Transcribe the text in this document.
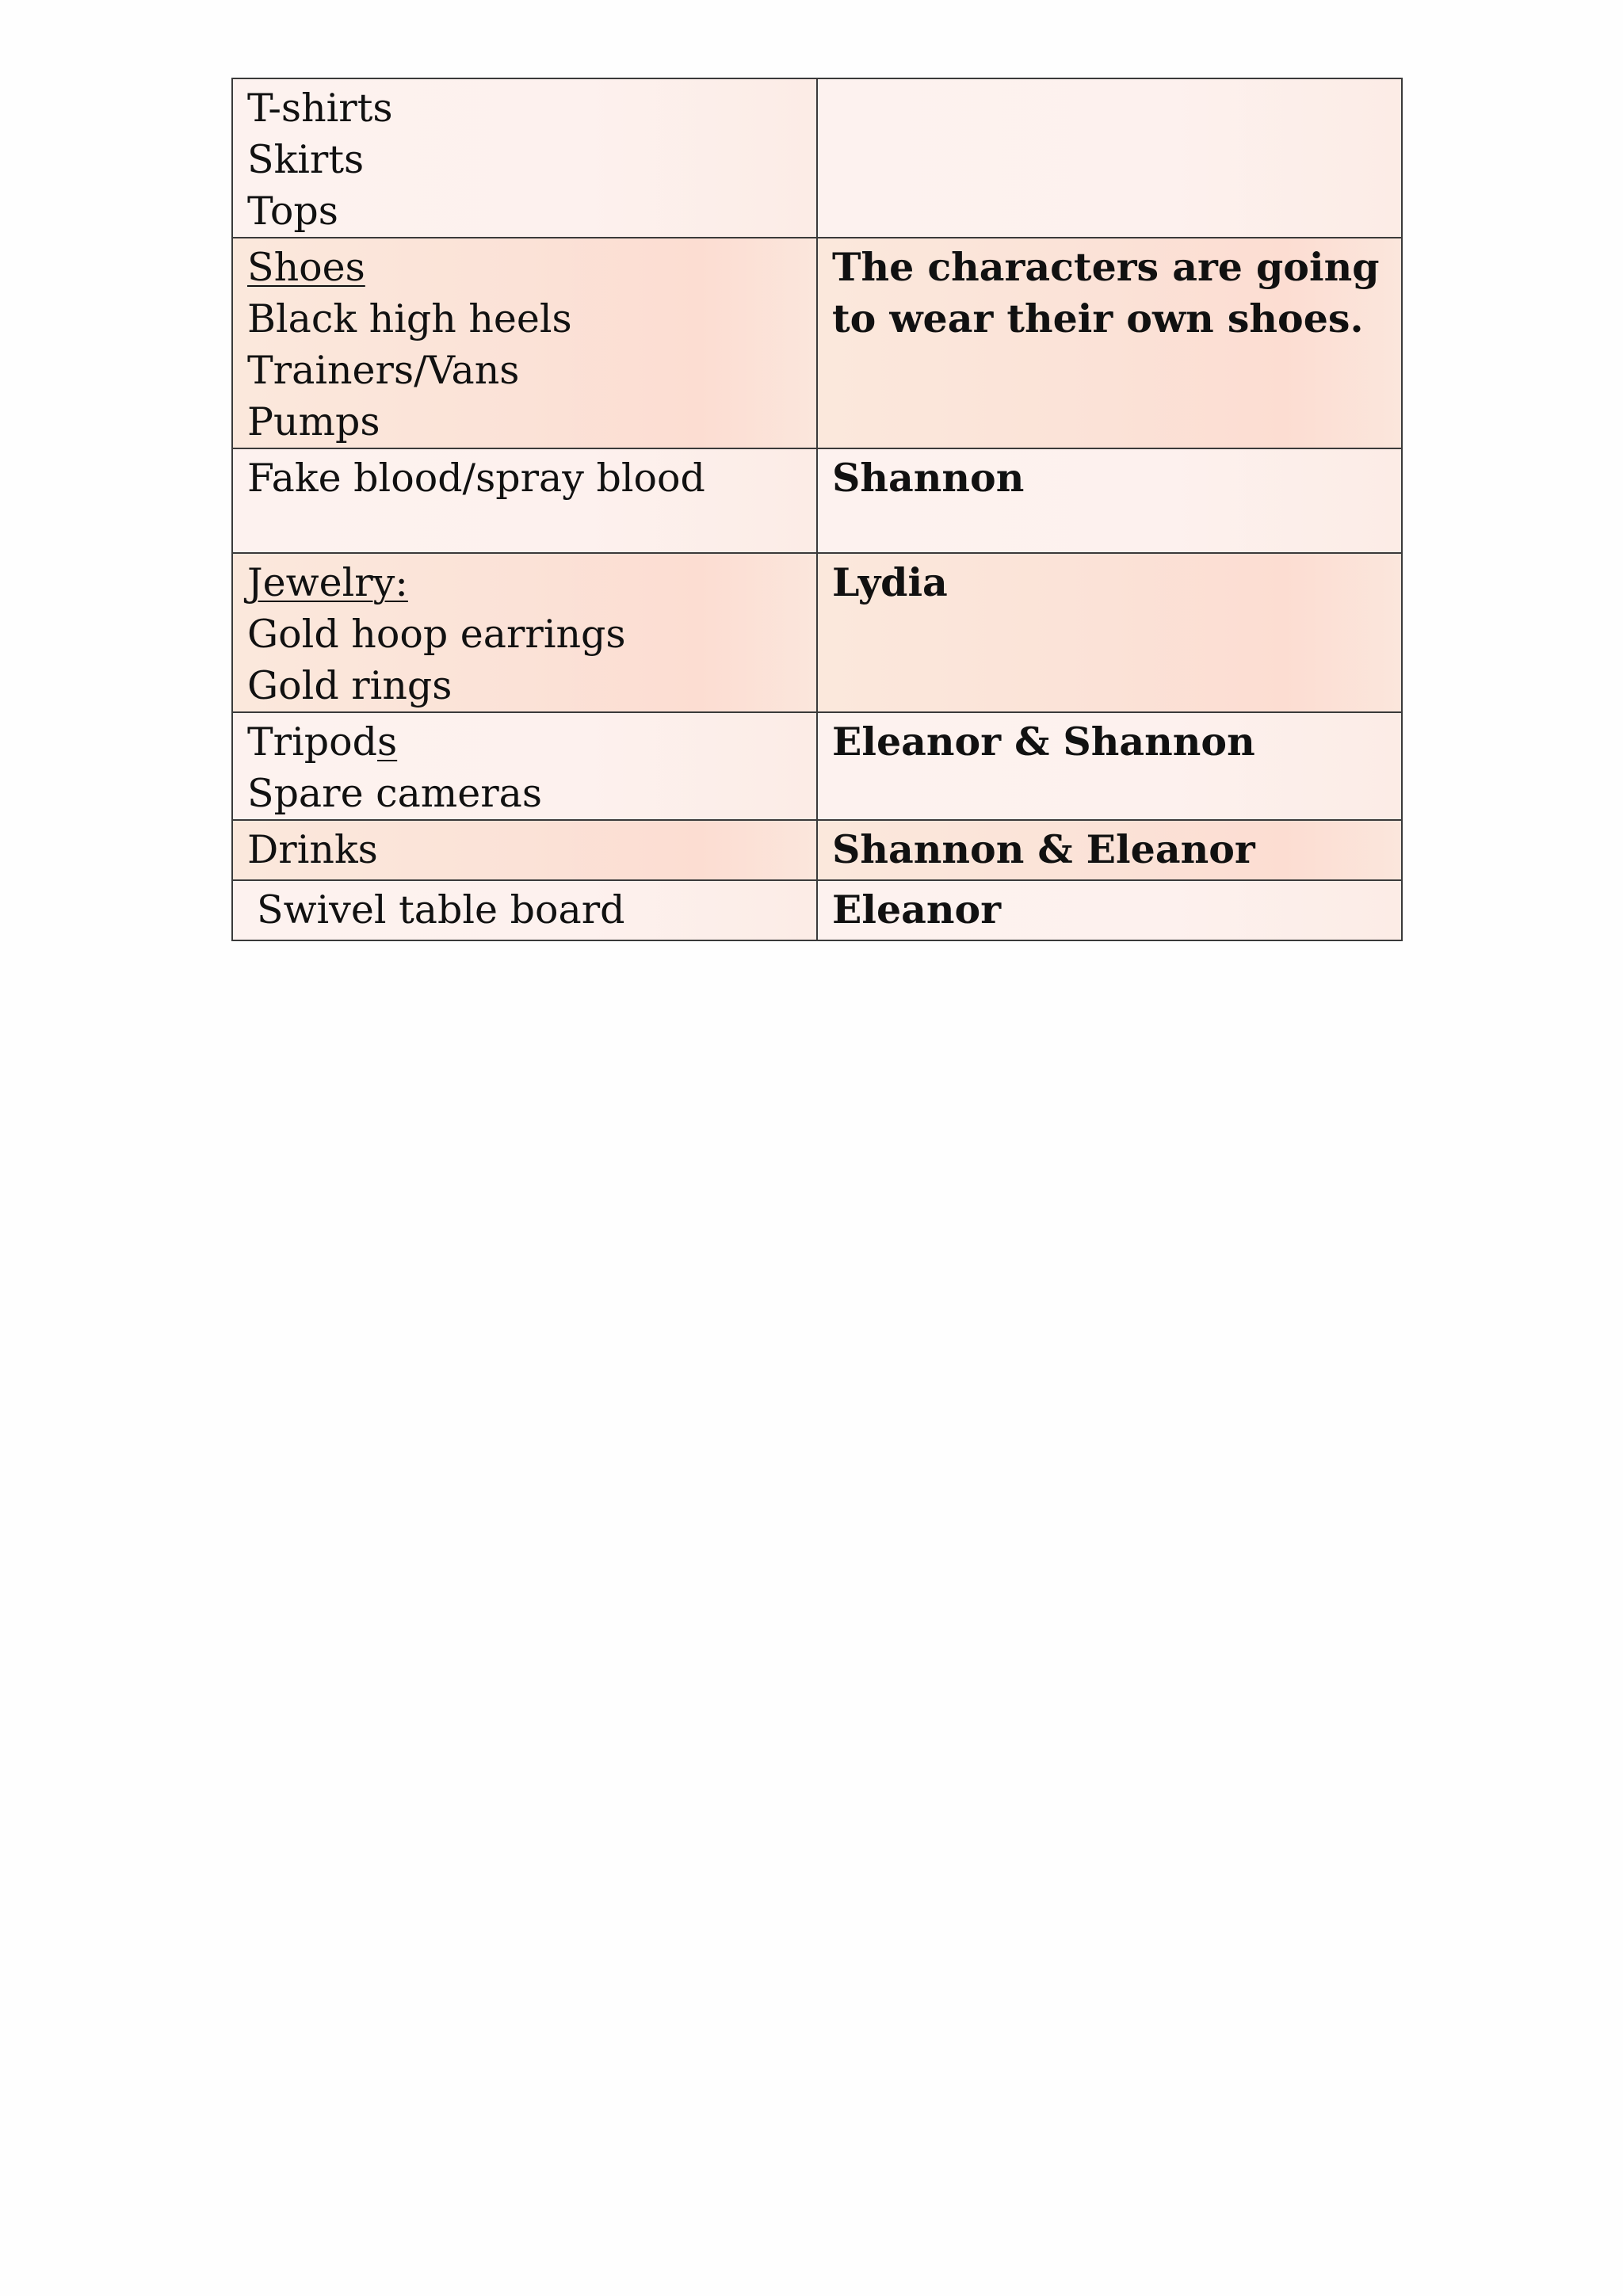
T-shirts
Skirts
Tops	

Shoes
Black high heels
Trainers/Vans
Pumps	The characters are going to wear their own shoes.

Fake blood/spray blood	Shannon

Jewelry:
Gold hoop earrings
Gold rings	Lydia

Tripods
Spare cameras	Eleanor & Shannon

Drinks	Shannon & Eleanor

Swivel table board	Eleanor
